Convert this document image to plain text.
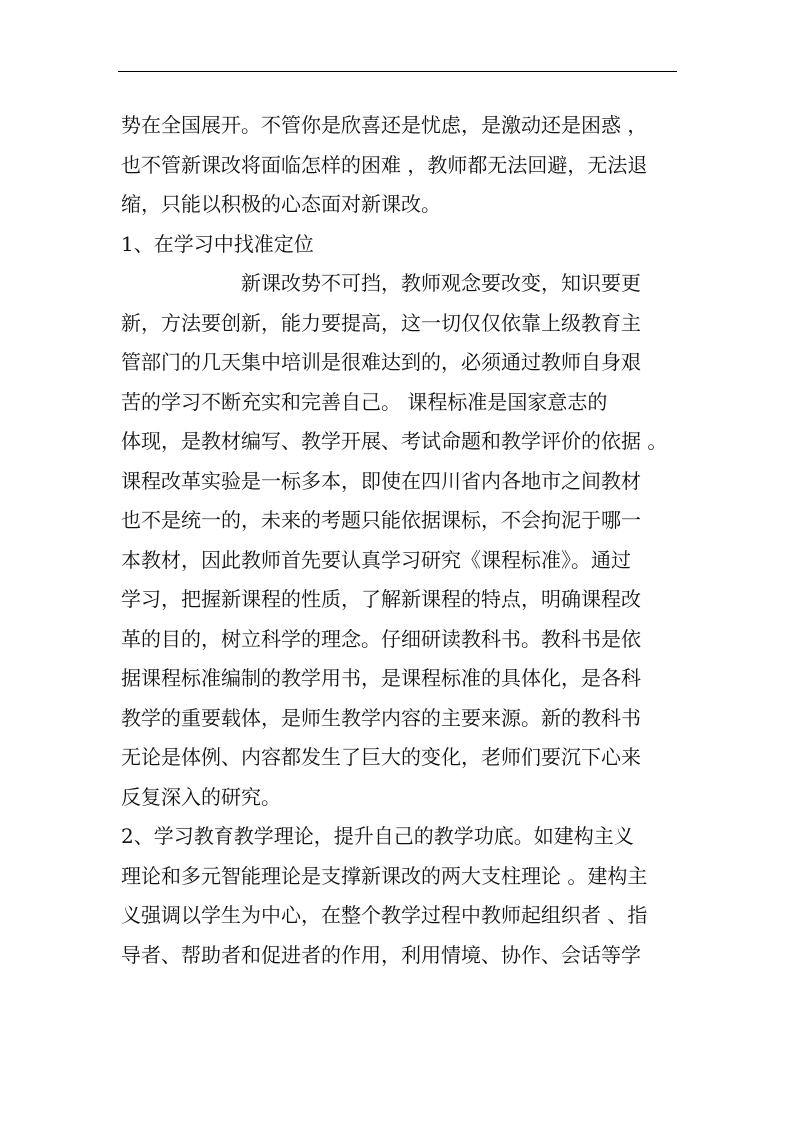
势在全国展开。不管你是欣喜还是忧虑，是激动还是困惑 ，
也不管新课改将面临怎样的困难 ，教师都无法回避，无法退
缩，只能以积极的心态面对新课改。
1、在学习中找准定位
新课改势不可挡，教师观念要改变，知识要更
新，方法要创新，能力要提高，这一切仅仅依靠上级教育主
管部门的几天集中培训是很难达到的，必须通过教师自身艰
苦的学习不断充实和完善自己。 课程标准是国家意志的
体现，是教材编写、教学开展、考试命题和教学评价的依据 。
课程改革实验是一标多本，即使在四川省内各地市之间教材
也不是统一的，未来的考题只能依据课标，不会拘泥于哪一
本教材，因此教师首先要认真学习研究《课程标准》。通过
学习，把握新课程的性质，了解新课程的特点，明确课程改
革的目的，树立科学的理念。仔细研读教科书。教科书是依
据课程标准编制的教学用书，是课程标准的具体化，是各科
教学的重要载体，是师生教学内容的主要来源。新的教科书
无论是体例、内容都发生了巨大的变化，老师们要沉下心来
反复深入的研究。
2、学习教育教学理论，提升自己的教学功底。如建构主义
理论和多元智能理论是支撑新课改的两大支柱理论 。建构主
义强调以学生为中心，在整个教学过程中教师起组织者 、指
导者、帮助者和促进者的作用，利用情境、协作、会话等学
